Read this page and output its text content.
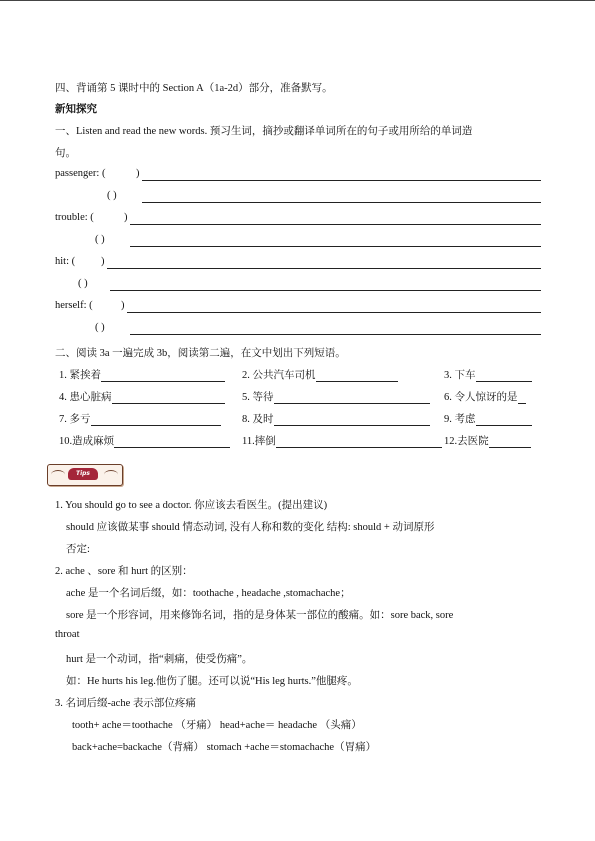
四、背诵第 5 课时中的 Section A（1a-2d）部分，准备默写。
新知探究
一、Listen and read the new words. 预习生词，摘抄或翻译单词所在的句子或用所给的单词造
句。
passenger: (	)
( )
trouble: (	)
( )
hit: ( )
( )
herself: (	)
( )
二、阅读 3a 一遍完成 3b，阅读第二遍，在文中划出下列短语。
1. 紧挨着	2. 公共汽车司机	3. 下车
4. 患心脏病	5. 等待	6. 令人惊讶的是
7. 多亏	8. 及时	9. 考虑
10.造成麻烦	11.摔倒	12.去医院
Tips
1. You should go to see a doctor. 你应该去看医生。(提出建议)
should 应该做某事 should 情态动词, 没有人称和数的变化 结构: should + 动词原形
否定:
2. ache 、sore 和 hurt 的区别：
ache 是一个名词后缀，如：toothache , headache ,stomachache；
sore 是一个形容词，用来修饰名词，指的是身体某一部位的酸痛。如：sore back, sore
throat
hurt 是一个动词，指“刺痛，使受伤痛”。
如：He hurts his leg.他伤了腿。还可以说“His leg hurts.”他腿疼。
3. 名词后缀-ache 表示部位疼痛
tooth+ ache＝toothache （牙痛） head+ache＝ headache （头痛）
back+ache=backache（背痛） stomach +ache＝stomachache（胃痛）
